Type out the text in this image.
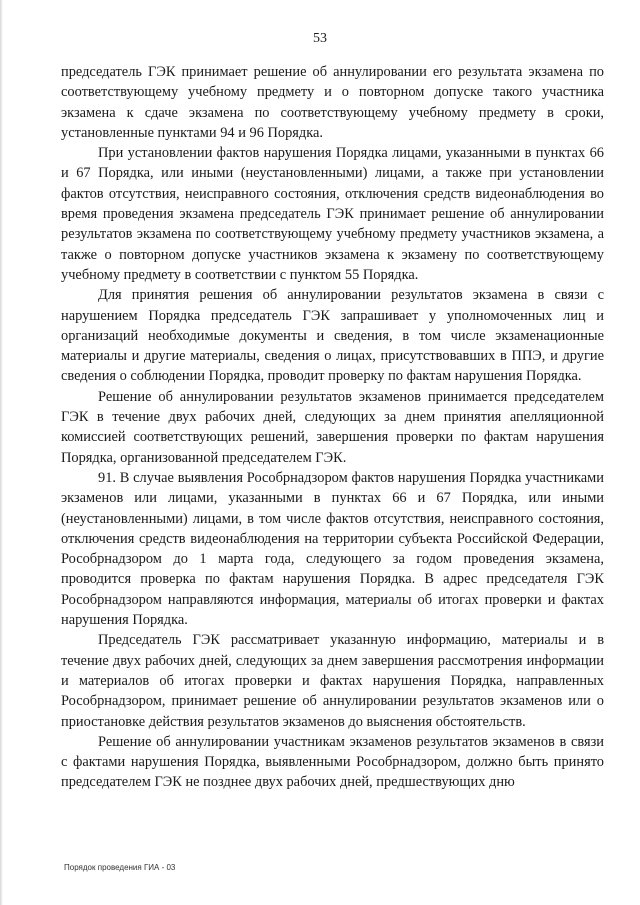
53

председатель ГЭК принимает решение об аннулировании его результата экзамена по соответствующему учебному предмету и о повторном допуске такого участника экзамена к сдаче экзамена по соответствующему учебному предмету в сроки, установленные пунктами 94 и 96 Порядка.

При установлении фактов нарушения Порядка лицами, указанными в пунктах 66 и 67 Порядка, или иными (неустановленными) лицами, а также при установлении фактов отсутствия, неисправного состояния, отключения средств видеонаблюдения во время проведения экзамена председатель ГЭК принимает решение об аннулировании результатов экзамена по соответствующему учебному предмету участников экзамена, а также о повторном допуске участников экзамена к экзамену по соответствующему учебному предмету в соответствии с пунктом 55 Порядка.

Для принятия решения об аннулировании результатов экзамена в связи с нарушением Порядка председатель ГЭК запрашивает у уполномоченных лиц и организаций необходимые документы и сведения, в том числе экзаменационные материалы и другие материалы, сведения о лицах, присутствовавших в ППЭ, и другие сведения о соблюдении Порядка, проводит проверку по фактам нарушения Порядка.

Решение об аннулировании результатов экзаменов принимается председателем ГЭК в течение двух рабочих дней, следующих за днем принятия апелляционной комиссией соответствующих решений, завершения проверки по фактам нарушения Порядка, организованной председателем ГЭК.

91. В случае выявления Рособрнадзором фактов нарушения Порядка участниками экзаменов или лицами, указанными в пунктах 66 и 67 Порядка, или иными (неустановленными) лицами, в том числе фактов отсутствия, неисправного состояния, отключения средств видеонаблюдения на территории субъекта Российской Федерации, Рособрнадзором до 1 марта года, следующего за годом проведения экзамена, проводится проверка по фактам нарушения Порядка. В адрес председателя ГЭК Рособрнадзором направляются информация, материалы об итогах проверки и фактах нарушения Порядка.

Председатель ГЭК рассматривает указанную информацию, материалы и в течение двух рабочих дней, следующих за днем завершения рассмотрения информации и материалов об итогах проверки и фактах нарушения Порядка, направленных Рособрнадзором, принимает решение об аннулировании результатов экзаменов или о приостановке действия результатов экзаменов до выяснения обстоятельств.

Решение об аннулировании участникам экзаменов результатов экзаменов в связи с фактами нарушения Порядка, выявленными Рособрнадзором, должно быть принято председателем ГЭК не позднее двух рабочих дней, предшествующих дню

Порядок проведения ГИА - 03
